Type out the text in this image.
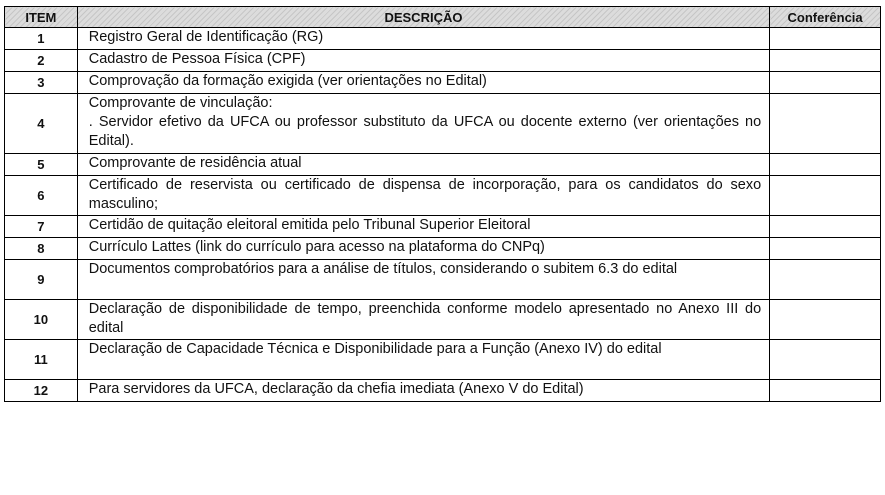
ITEM	DESCRIÇÃO	Conferência
1	Registro Geral de Identificação (RG)	
2	Cadastro de Pessoa Física (CPF)	
3	Comprovação da formação exigida (ver orientações no Edital)	
4	Comprovante de vinculação:
. Servidor efetivo da UFCA ou professor substituto da UFCA ou docente externo (ver orientações no Edital).	

5	Comprovante de residência atual	
6	Certificado de reservista ou certificado de dispensa de incorporação, para os candidatos do sexo masculino;	
7	Certidão de quitação eleitoral emitida pelo Tribunal Superior Eleitoral	
8	Currículo Lattes (link do currículo para acesso na plataforma do CNPq)	
9	Documentos comprobatórios para a análise de títulos, considerando o subitem 6.3 do edital	
10	Declaração de disponibilidade de tempo, preenchida conforme modelo apresentado no Anexo III do edital	
11	Declaração de Capacidade Técnica e Disponibilidade para a Função (Anexo IV) do edital	
12	Para servidores da UFCA, declaração da chefia imediata (Anexo V do Edital)	
